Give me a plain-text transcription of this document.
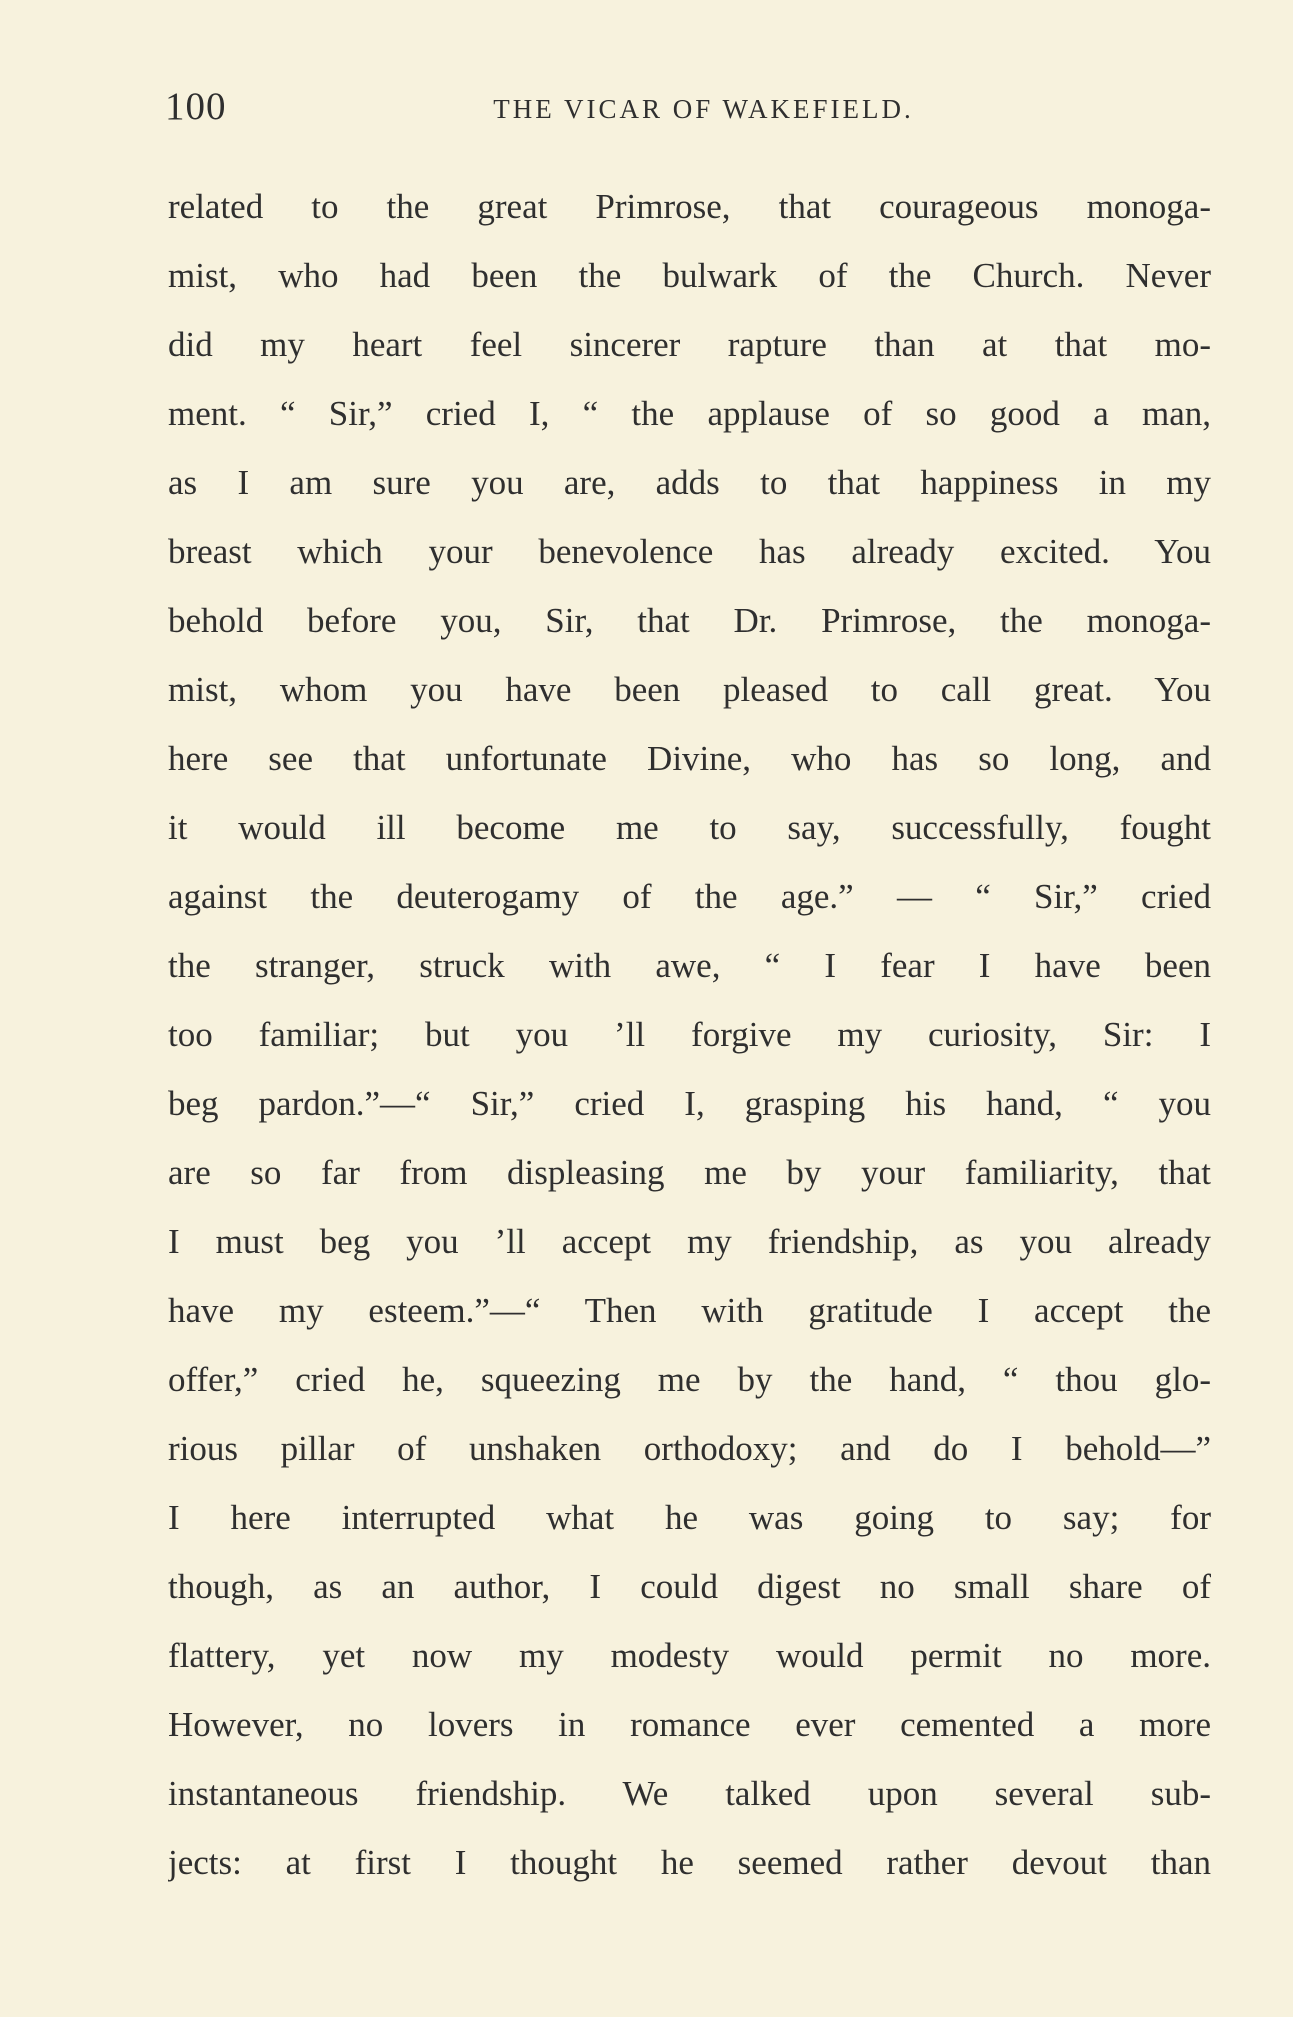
100	THE VICAR OF WAKEFIELD.
related to the great Primrose, that courageous monoga-
mist, who had been the bulwark of the Church. Never
did my heart feel sincerer rapture than at that mo-
ment. “ Sir,” cried I, “ the applause of so good a man,
as I am sure you are, adds to that happiness in my
breast which your benevolence has already excited. You
behold before you, Sir, that Dr. Primrose, the monoga-
mist, whom you have been pleased to call great. You
here see that unfortunate Divine, who has so long, and
it would ill become me to say, successfully, fought
against the deuterogamy of the age.” — “ Sir,” cried
the stranger, struck with awe, “ I fear I have been
too familiar; but you ’ll forgive my curiosity, Sir: I
beg pardon.”—“ Sir,” cried I, grasping his hand, “ you
are so far from displeasing me by your familiarity, that
I must beg you ’ll accept my friendship, as you already
have my esteem.”—“ Then with gratitude I accept the
offer,” cried he, squeezing me by the hand, “ thou glo-
rious pillar of unshaken orthodoxy; and do I behold—”
I here interrupted what he was going to say; for
though, as an author, I could digest no small share of
flattery, yet now my modesty would permit no more.
However, no lovers in romance ever cemented a more
instantaneous friendship. We talked upon several sub-
jects: at first I thought he seemed rather devout than
